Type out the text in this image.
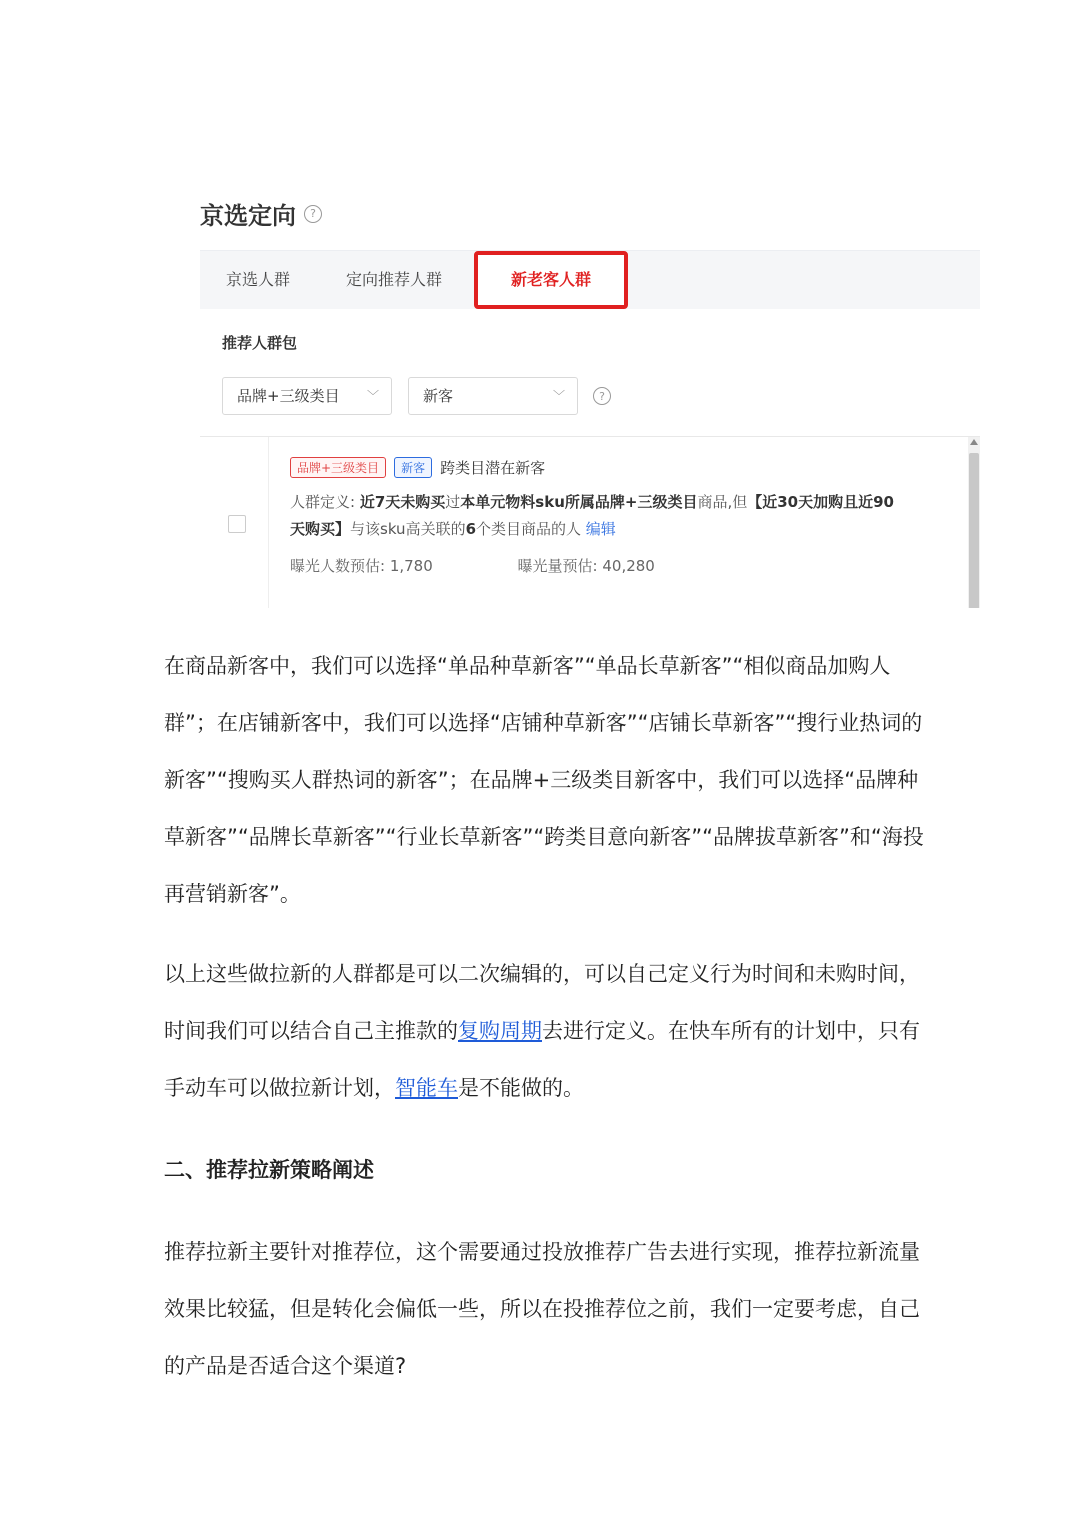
京选定向	?
京选人群	定向推荐人群	新老客人群
推荐人群包
品牌+三级类目 ﹀	新客	﹀	?
品牌+三级类目	新客	跨类目潜在新客
人群定义: 近7天未购买过本单元物料sku所属品牌+三级类目商品,但【近30天加购且近90天购买】与该sku高关联的6个类目商品的人 编辑
曝光人数预估: 1,780	曝光量预估: 40,280

在商品新客中，我们可以选择“单品种草新客”“单品长草新客”“相似商品加购人群”；在店铺新客中，我们可以选择“店铺种草新客”“店铺长草新客”“搜行业热词的新客”“搜购买人群热词的新客”；在品牌+三级类目新客中，我们可以选择“品牌种草新客”“品牌长草新客”“行业长草新客”“跨类目意向新客”“品牌拔草新客”和“海投再营销新客”。

以上这些做拉新的人群都是可以二次编辑的，可以自己定义行为时间和未购时间，时间我们可以结合自己主推款的复购周期去进行定义。在快车所有的计划中，只有手动车可以做拉新计划，智能车是不能做的。

二、推荐拉新策略阐述

推荐拉新主要针对推荐位，这个需要通过投放推荐广告去进行实现，推荐拉新流量效果比较猛，但是转化会偏低一些，所以在投推荐位之前，我们一定要考虑，自己的产品是否适合这个渠道?
